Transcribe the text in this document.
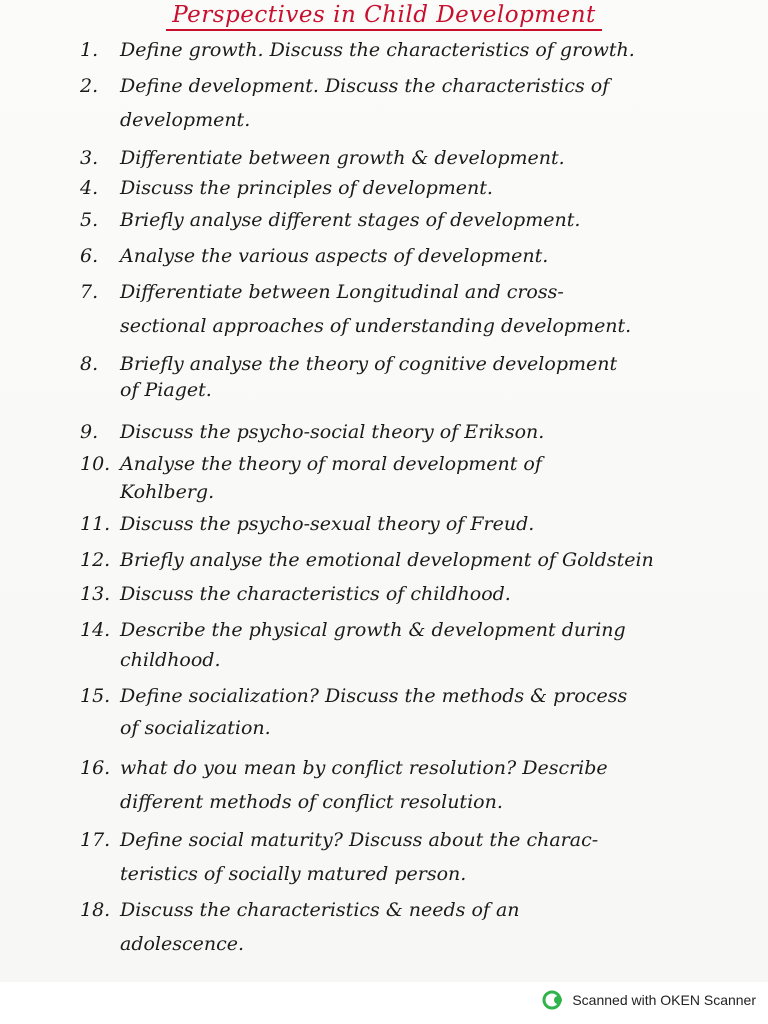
Perspectives in Child Development
1. Define growth. Discuss the characteristics of growth.
2. Define development. Discuss the characteristics of
development.
3. Differentiate between growth & development.
4. Discuss the principles of development.
5. Briefly analyse different stages of development.
6. Analyse the various aspects of development.
7. Differentiate between Longitudinal and cross-
sectional approaches of understanding development.
8. Briefly analyse the theory of cognitive development
of Piaget.
9. Discuss the psycho-social theory of Erikson.
10. Analyse the theory of moral development of
Kohlberg.
11. Discuss the psycho-sexual theory of Freud.
12. Briefly analyse the emotional development of Goldstein
13. Discuss the characteristics of childhood.
14. Describe the physical growth & development during
childhood.
15. Define socialization? Discuss the methods & process
of socialization.
16. what do you mean by conflict resolution? Describe
different methods of conflict resolution.
17. Define social maturity? Discuss about the charac-
teristics of socially matured person.
18. Discuss the characteristics & needs of an
adolescence.
Scanned with OKEN Scanner
